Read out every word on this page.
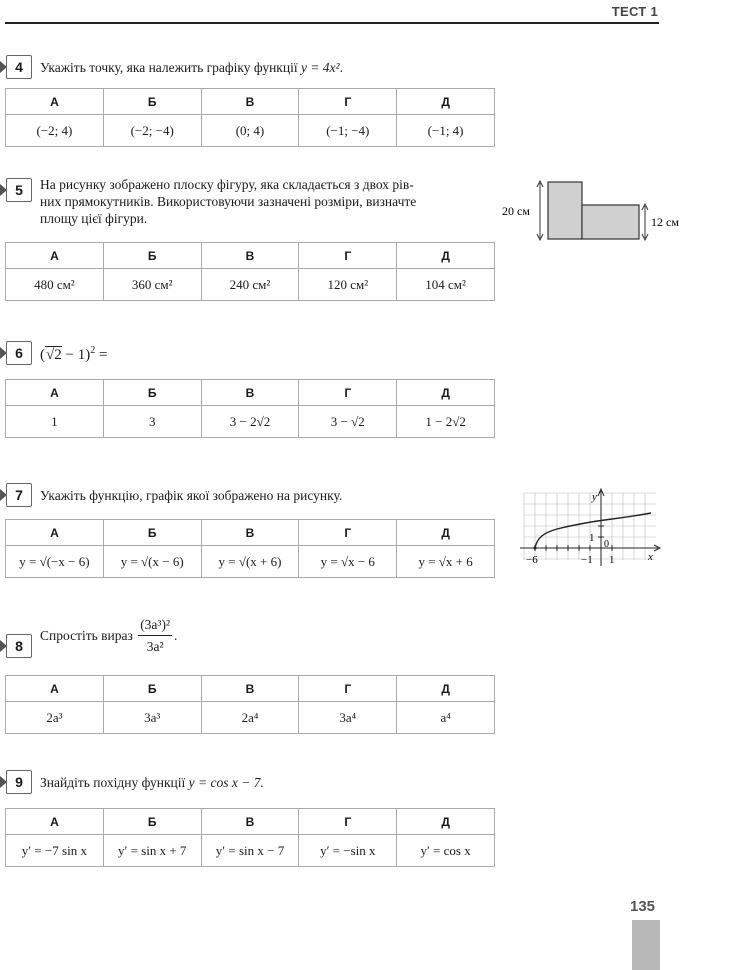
ТЕСТ 1
4	Укажіть точку, яка належить графіку функції y = 4x².
А	Б	В	Г	Д
(−2; 4)	(−2; −4)	(0; 4)	(−1; −4)	(−1; 4)
5	На рисунку зображено плоску фігуру, яка складається з двох рів-
них прямокутників. Використовуючи зазначені розміри, визначте
площу цієї фігури.
А	Б	В	Г	Д
480 см²	360 см²	240 см²	120 см²	104 см²
20 см
12 см
6	$(√2 - 1)^2$ =
А	Б	В	Г	Д
1	3	3 − 2√2	3 − √2	1 − 2√2
7	Укажіть функцію, графік якої зображено на рисунку.
А	Б	В	Г	Д
y = √(−x − 6)	y = √(x − 6)	y = √(x + 6)	y = √x − 6	y = √x + 6
y
x
−6	−1 1
1
0
8
Спростіть вираз $\frac{\text{(3a³)²}}{\text{3a²}}$ .
А	Б	В	Г	Д
2a³	3a³	2a⁴	3a⁴	a⁴
9	Знайдіть похідну функції y = cos x − 7.
А	Б	В	Г	Д
y′ = −7 sin x	y′ = sin x + 7	y′ = sin x − 7	y′ = −sin x	y′ = cos x
135
